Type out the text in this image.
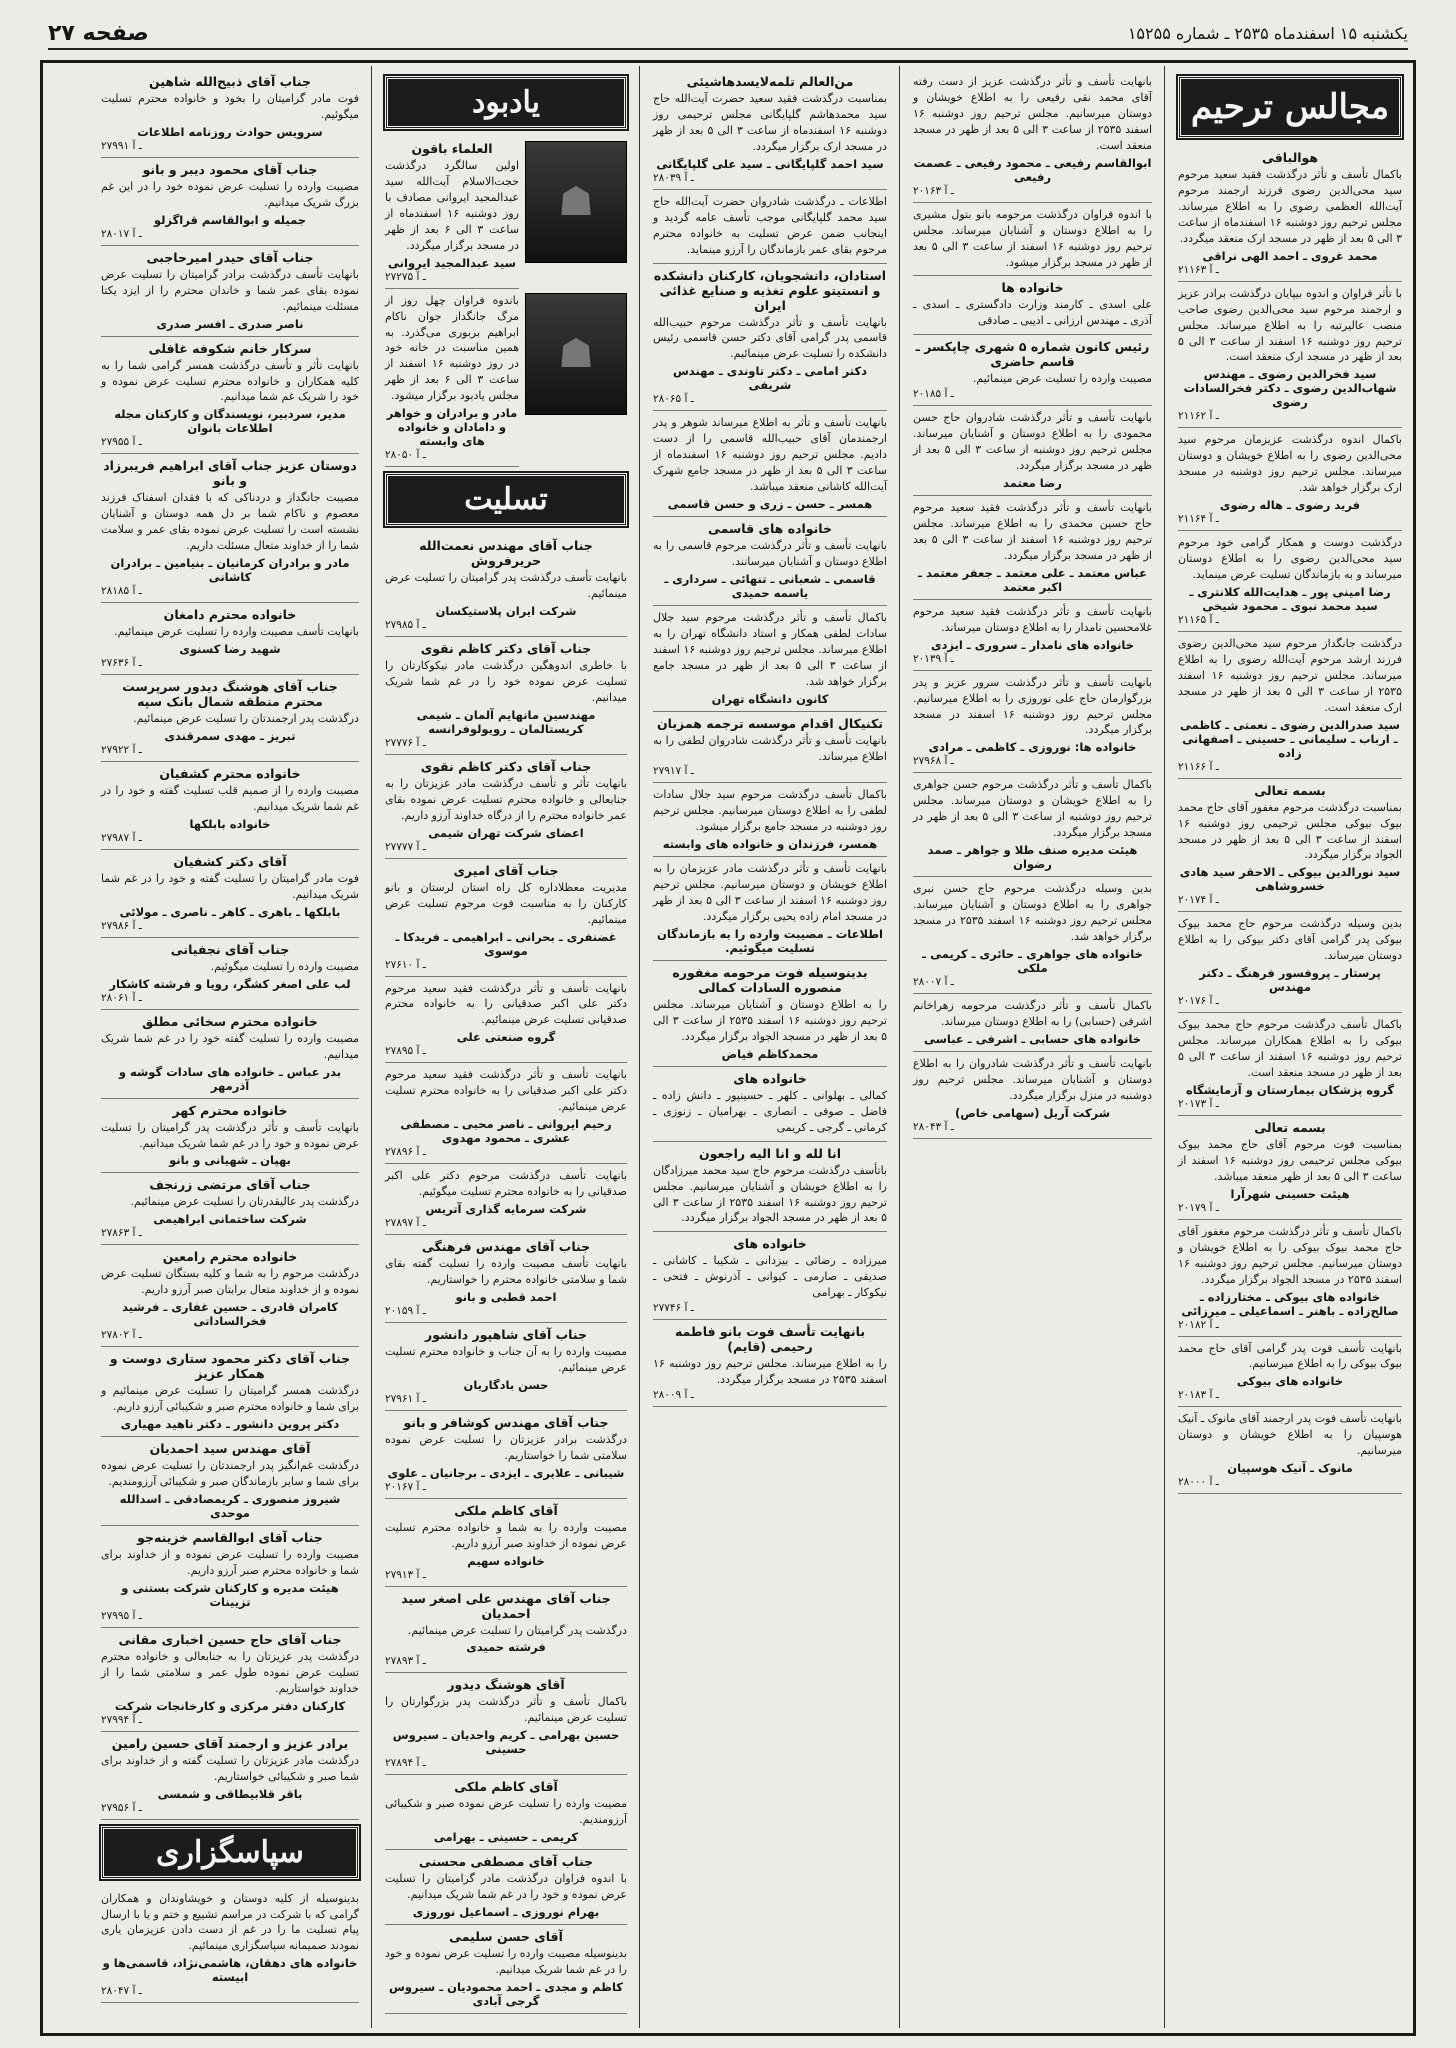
یکشنبه ۱۵ اسفندماه ۲۵۳۵ ـ شماره ۱۵۲۵۵
صفحه ۲۷
مجالس ترحیم
هوالباقی

باکمال تأسف و تأثر درگذشت فقید سعید مرحوم سید محی‌الدین رضوی فرزند ارجمند مرحوم آیت‌الله العظمی رضوی را به اطلاع میرساند. مجلس ترحیم روز دوشنبه ۱۶ اسفندماه از ساعت ۳ الی ۵ بعد از ظهر در مسجد ارک منعقد میگردد.

محمد غروی ـ احمد الهی نراقی
۲۱۱۶۳ ـ آ

با تأثر فراوان و اندوه بیپایان درگذشت برادر عزیز و ارجمند مرحوم سید محی‌الدین رضوی صاحب منصب عالیرتبه را به اطلاع میرساند. مجلس ترحیم روز دوشنبه ۱۶ اسفند از ساعت ۳ الی ۵ بعد از ظهر در مسجد ارک منعقد است.

سید فخرالدین رضوی ـ مهندس شهاب‌الدین رضوی ـ دکتر فخرالسادات رضوی
۲۱۱۶۲ ـ آ

باکمال اندوه درگذشت عزیزمان مرحوم سید محی‌الدین رضوی را به اطلاع خویشان و دوستان میرساند. مجلس ترحیم روز دوشنبه در مسجد ارک برگزار خواهد شد.

فرید رضوی ـ هاله رضوی
۲۱۱۶۴ ـ آ

درگذشت دوست و همکار گرامی خود مرحوم سید محی‌الدین رضوی را به اطلاع دوستان میرساند و به بازماندگان تسلیت عرض مینماید.

رضا امینی پور ـ هدایت‌الله کلانتری ـ سید محمد نبوی ـ محمود شیخی
۲۱۱۶۵ ـ آ

درگذشت جانگداز مرحوم سید محی‌الدین رضوی فرزند ارشد مرحوم آیت‌الله رضوی را به اطلاع میرساند. مجلس ترحیم روز دوشنبه ۱۶ اسفند ۲۵۳۵ از ساعت ۳ الی ۵ بعد از ظهر در مسجد ارک منعقد است.

سید صدرالدین رضوی ـ نعمتی ـ کاظمی ـ ارباب ـ سلیمانی ـ حسینی ـ اصفهانی زاده
۲۱۱۶۶ ـ آ
بسمه تعالی

بمناسبت درگذشت مرحوم مغفور آقای حاج محمد بیوک بیوکی مجلس ترحیمی روز دوشنبه ۱۶ اسفند از ساعت ۳ الی ۵ بعد از ظهر در مسجد الجواد برگزار میگردد.

سید نورالدین بیوکی ـ الاحقر سید هادی خسروشاهی
۲۰۱۷۴ ـ آ

بدین وسیله درگذشت مرحوم حاج محمد بیوک بیوکی پدر گرامی آقای دکتر بیوکی را به اطلاع دوستان میرساند.

پرستار ـ پروفسور فرهنگ ـ دکتر مهندس
۲۰۱۷۶ ـ آ

باکمال تأسف درگذشت مرحوم حاج محمد بیوک بیوکی را به اطلاع همکاران میرساند. مجلس ترحیم روز دوشنبه ۱۶ اسفند از ساعت ۳ الی ۵ بعد از ظهر در مسجد منعقد است.

گروه پزشکان بیمارستان و آزمایشگاه
۲۰۱۷۳ ـ آ
بسمه تعالی

بمناسبت فوت مرحوم آقای حاج محمد بیوک بیوکی مجلس ترحیمی روز دوشنبه ۱۶ اسفند از ساعت ۳ الی ۵ بعد از ظهر منعقد میباشد.

هیئت حسینی شهرآرا
۲۰۱۷۹ ـ آ

باکمال تأسف و تأثر درگذشت مرحوم مغفور آقای حاج محمد بیوک بیوکی را به اطلاع خویشان و دوستان میرسانیم. مجلس ترحیم روز دوشنبه ۱۶ اسفند ۲۵۳۵ در مسجد الجواد برگزار میگردد.

خانواده های بیوکی ـ مختارزاده ـ صالح‌زاده ـ باهنر ـ اسماعیلی ـ میرزائی
۲۰۱۸۲ ـ آ

بانهایت تأسف فوت پدر گرامی آقای حاج محمد بیوک بیوکی را به اطلاع میرسانیم.

خانواده های بیوکی
۲۰۱۸۳ ـ آ

بانهایت تأسف فوت پدر ارجمند آقای مانوک ـ آنیک هوسپیان را به اطلاع خویشان و دوستان میرسانیم.

مانوک ـ آنیک هوسپیان
۲۸۰۰۰ ـ آ

بانهایت تأسف و تأثر درگذشت عزیز از دست رفته آقای محمد نقی رفیعی را به اطلاع خویشان و دوستان میرسانیم. مجلس ترحیم روز دوشنبه ۱۶ اسفند ۲۵۳۵ از ساعت ۳ الی ۵ بعد از ظهر در مسجد منعقد است.

ابوالقاسم رفیعی ـ محمود رفیعی ـ عصمت رفیعی
۲۰۱۶۳ ـ آ

با اندوه فراوان درگذشت مرحومه بانو بتول مشیری را به اطلاع دوستان و آشنایان میرساند. مجلس ترحیم روز دوشنبه ۱۶ اسفند از ساعت ۳ الی ۵ بعد از ظهر در مسجد برگزار میشود.

خانواده ها

علی اسدی ـ کارمند وزارت دادگستری ـ اسدی ـ آذری ـ مهندس ارزانی ـ ادیبی ـ صادقی

رئیس کانون شماره ۵ شهری چاپکسر ـ قاسم حاضری

مصیبت وارده را تسلیت عرض مینمائیم.

۲۰۱۸۵ ـ آ

بانهایت تأسف و تأثر درگذشت شادروان حاج حسن محمودی را به اطلاع دوستان و آشنایان میرساند. مجلس ترحیم روز دوشنبه از ساعت ۳ الی ۵ بعد از ظهر در مسجد برگزار میگردد.

رضا معتمد

بانهایت تأسف و تأثر درگذشت فقید سعید مرحوم حاج حسین محمدی را به اطلاع میرساند. مجلس ترحیم روز دوشنبه ۱۶ اسفند از ساعت ۳ الی ۵ بعد از ظهر در مسجد برگزار میگردد.

عباس معتمد ـ علی معتمد ـ جعفر معتمد ـ اکبر معتمد

بانهایت تأسف و تأثر درگذشت فقید سعید مرحوم غلامحسین نامدار را به اطلاع دوستان میرساند.

خانواده های نامدار ـ سروری ـ ایزدی
۲۰۱۳۹ ـ آ

بانهایت تأسف و تأثر درگذشت سرور عزیز و پدر بزرگوارمان حاج علی نوروزی را به اطلاع میرسانیم. مجلس ترحیم روز دوشنبه ۱۶ اسفند در مسجد برگزار میگردد.

خانواده ها: نوروزی ـ کاظمی ـ مرادی
۲۷۹۶۸ ـ آ

باکمال تأسف و تأثر درگذشت مرحوم حسن جواهری را به اطلاع خویشان و دوستان میرساند. مجلس ترحیم روز دوشنبه از ساعت ۳ الی ۵ بعد از ظهر در مسجد برگزار میگردد.

هیئت مدیره صنف طلا و جواهر ـ صمد رضوان

بدین وسیله درگذشت مرحوم حاج حسن نبری جواهری را به اطلاع دوستان و آشنایان میرساند. مجلس ترحیم روز دوشنبه ۱۶ اسفند ۲۵۳۵ در مسجد برگزار خواهد شد.

خانواده های جواهری ـ حائری ـ کریمی ـ ملکی
۲۸۰۰۷ ـ آ

باکمال تأسف و تأثر درگذشت مرحومه زهراخانم اشرفی (حسابی) را به اطلاع دوستان میرساند.

خانواده های حسابی ـ اشرفی ـ عباسی

بانهایت تأسف و تأثر درگذشت شادروان را به اطلاع دوستان و آشنایان میرساند. مجلس ترحیم روز دوشنبه در منزل برگزار میگردد.

شرکت آریل (سهامی خاص)
۲۸۰۴۳ ـ آ
من‌العالم تلمه‌لایسدهاشیئی

بمناسبت درگذشت فقید سعید حضرت آیت‌الله حاج سید محمدهاشم گلپایگانی مجلس ترحیمی روز دوشنبه ۱۶ اسفندماه از ساعت ۳ الی ۵ بعد از ظهر در مسجد ارک برگزار میگردد.

سید احمد گلپایگانی ـ سید علی گلپایگانی
۲۸۰۳۹ ـ آ

اطلاعات ـ درگذشت شادروان حضرت آیت‌الله حاج سید محمد گلپایگانی موجب تأسف عامه گردید و اینجانب ضمن عرض تسلیت به خانواده محترم مرحوم بقای عمر بازماندگان را آرزو مینماید.

استادان، دانشجویان، کارکنان دانشکده و انستیتو علوم تغذیه و صنایع غذائی ایران

بانهایت تأسف و تأثر درگذشت مرحوم حبیب‌الله قاسمی پدر گرامی آقای دکتر حسن قاسمی رئیس دانشکده را تسلیت عرض مینمائیم.

دکتر امامی ـ دکتر تاوندی ـ مهندس شریفی
۲۸۰۶۵ ـ آ

بانهایت تأسف و تأثر به اطلاع میرساند شوهر و پدر ارجمندمان آقای حبیب‌الله قاسمی را از دست دادیم. مجلس ترحیم روز دوشنبه ۱۶ اسفندماه از ساعت ۳ الی ۵ بعد از ظهر در مسجد جامع شهرک آیت‌الله کاشانی منعقد میباشد.

همسر ـ حسن ـ زری و حسن قاسمی
خانواده های قاسمی

بانهایت تأسف و تأثر درگذشت مرحوم قاسمی را به اطلاع دوستان و آشنایان میرسانند.

قاسمی ـ شعبانی ـ تنهائی ـ سرداری ـ یاسمه حمیدی

باکمال تأسف و تأثر درگذشت مرحوم سید جلال سادات لطفی همکار و استاد دانشگاه تهران را به اطلاع میرساند. مجلس ترحیم روز دوشنبه ۱۶ اسفند از ساعت ۳ الی ۵ بعد از ظهر در مسجد جامع برگزار خواهد شد.

کانون دانشگاه تهران
تکنیکال اقدام موسسه ترجمه همزبان

بانهایت تأسف و تأثر درگذشت شادروان لطفی را به اطلاع میرساند.

۲۷۹۱۷ ـ آ

باکمال تأسف درگذشت مرحوم سید جلال سادات لطفی را به اطلاع دوستان میرسانیم. مجلس ترحیم روز دوشنبه در مسجد جامع برگزار میشود.

همسر، فرزندان و خانواده های وابسته

بانهایت تأسف و تأثر درگذشت مادر عزیزمان را به اطلاع خویشان و دوستان میرسانیم. مجلس ترحیم روز دوشنبه ۱۶ اسفند از ساعت ۳ الی ۵ بعد از ظهر در مسجد امام زاده یحیی برگزار میگردد.

اطلاعات ـ مصیبت وارده را به بازماندگان تسلیت میگوئیم.
بدینوسیله فوت مرحومه مغفوره منصوره السادات کمالی

را به اطلاع دوستان و آشنایان میرساند. مجلس ترحیم روز دوشنبه ۱۶ اسفند ۲۵۳۵ از ساعت ۳ الی ۵ بعد از ظهر در مسجد الجواد برگزار میگردد.

محمدکاظم فیاض
خانواده های

کمالی ـ بهلوانی ـ کلهر ـ حسینپور ـ دانش زاده ـ فاضل ـ صوفی ـ انصاری ـ بهرامیان ـ زنوزی ـ کرمانی ـ گرجی ـ کریمی

انا لله و انا الیه راجعون

باتأسف درگذشت مرحوم حاج سید محمد میرزادگان را به اطلاع خویشان و آشنایان میرسانیم. مجلس ترحیم روز دوشنبه ۱۶ اسفند ۲۵۳۵ از ساعت ۳ الی ۵ بعد از ظهر در مسجد الجواد برگزار میگردد.

خانواده های

میرزاده ـ رضائی ـ بیزدانی ـ شکیبا ـ کاشانی ـ صدیقی ـ صارمی ـ کیوانی ـ آذرنوش ـ فتحی ـ نیکوکار ـ بهرامی

۲۷۷۴۶ ـ آ
بانهایت تأسف فوت بانو فاطمه رحیمی (قایم)

را به اطلاع میرساند. مجلس ترحیم روز دوشنبه ۱۶ اسفند ۲۵۳۵ در مسجد برگزار میگردد.

۲۸۰۰۹ ـ آ
یادبود
☗
العلماء باقون

اولین سالگرد درگذشت حجت‌الاسلام آیت‌الله سید عبدالمجید ایروانی مصادف با روز دوشنبه ۱۶ اسفندماه از ساعت ۳ الی ۶ بعد از ظهر در مسجد برگزار میگردد.

سید عبدالمجید ایروانی
۲۷۲۷۵ ـ آ
☗

باندوه فراوان چهل روز از مرگ جانگداز جوان ناکام ابراهیم بربوری می‌گذرد. به همین مناسبت در خانه خود در روز دوشنبه ۱۶ اسفند از ساعت ۳ الی ۶ بعد از ظهر مجلس یادبود برگزار میشود.

مادر و برادران و خواهر و دامادان و خانواده های وابسته
۲۸۰۵۰ ـ آ
تسلیت
جناب آقای مهندس نعمت‌الله حریرفروش

بانهایت تأسف درگذشت پدر گرامیتان را تسلیت عرض مینمائیم.

شرکت ایران پلاستیکسان
۲۷۹۸۵ ـ آ
جناب آقای دکتر کاظم نقوی

با خاطری اندوهگین درگذشت مادر نیکوکارتان را تسلیت عرض نموده خود را در غم شما شریک میدانیم.

مهندسین مانهایم آلمان ـ شیمی کریستالمان ـ رویولوفرانسه
۲۷۷۷۶ ـ آ
جناب آقای دکتر کاظم نقوی

بانهایت تأثر و تأسف درگذشت مادر عزیزتان را به جنابعالی و خانواده محترم تسلیت عرض نموده بقای عمر خانواده محترم را از درگاه خداوند آرزو داریم.

اعضای شرکت تهران شیمی
۲۷۷۷۷ ـ آ
جناب آقای امیری

مدیریت معظلاداره کل راه استان لرستان و بانو کارکنان را به مناسبت فوت مرحوم تسلیت عرض مینمائیم.

غضنفری ـ بحرانی ـ ابراهیمی ـ فریدکا ـ موسوی
۲۷۶۱۰ ـ آ

بانهایت تأسف و تأثر درگذشت فقید سعید مرحوم دکتر علی اکبر صدقیانی را به خانواده محترم صدقیانی تسلیت عرض مینمائیم.

گروه صنعتی علی
۲۷۸۹۵ ـ آ

بانهایت تأسف و تأثر درگذشت فقید سعید مرحوم دکتر علی اکبر صدقیانی را به خانواده محترم تسلیت عرض مینمائیم.

رحیم ایروانی ـ ناصر محبی ـ مصطفی عشری ـ محمود مهدوی
۲۷۸۹۶ ـ آ

بانهایت تأسف درگذشت مرحوم دکتر علی اکبر صدقیانی را به خانواده محترم تسلیت میگوئیم.

شرکت سرمایه گذاری آتریس
۲۷۸۹۷ ـ آ
جناب آقای مهندس فرهنگی

بانهایت تأسف مصیبت وارده را تسلیت گفته بقای شما و سلامتی خانواده محترم را خواستاریم.

احمد قطبی و بانو
۲۰۱۵۹ ـ آ
جناب آقای شاهپور دانشور

مصیبت وارده را به آن جناب و خانواده محترم تسلیت عرض مینمائیم.

حسن بادگاریان
۲۷۹۶۱ ـ آ
جناب آقای مهندس کوشافر و بانو

درگذشت برادر عزیزتان را تسلیت عرض نموده سلامتی شما را خواستاریم.

شیبانی ـ علایری ـ ایزدی ـ برجانیان ـ علوی
۲۰۱۶۷ ـ آ
آقای کاظم ملکی

مصیبت وارده را به شما و خانواده محترم تسلیت عرض نموده از خداوند صبر آرزو داریم.

خانواده سهیم
۲۷۹۱۳ ـ آ
جناب آقای مهندس علی اصغر سید احمدیان

درگذشت پدر گرامیتان را تسلیت عرض مینمائیم.

فرشته حمیدی
۲۷۸۹۳ ـ آ
آقای هوشنگ دیدور

باکمال تأسف و تأثر درگذشت پدر بزرگوارتان را تسلیت عرض مینمائیم.

حسین بهرامی ـ کریم واحدیان ـ سیروس حسینی
۲۷۸۹۴ ـ آ
آقای کاظم ملکی

مصیبت وارده را تسلیت عرض نموده صبر و شکیبائی آرزومندیم.

کریمی ـ حسینی ـ بهرامی
جناب آقای مصطفی محسنی

با اندوه فراوان درگذشت مادر گرامیتان را تسلیت عرض نموده و خود را در غم شما شریک میدانیم.

بهرام نوروزی ـ اسماعیل نوروزی
آقای حسن سلیمی

بدینوسیله مصیبت وارده را تسلیت عرض نموده و خود را در غم شما شریک میدانیم.

کاظم و مجدی ـ احمد محمودیان ـ سیروس گرجی آبادی
جناب آقای ذبیح‌الله شاهین

فوت مادر گرامیتان را بخود و خانواده محترم تسلیت میگوئیم.

سرویس حوادث روزنامه اطلاعات
۲۷۹۹۱ ـ آ
جناب آقای محمود دیبر و بانو

مصیبت وارده را تسلیت عرض نموده خود را در این غم بزرگ شریک میدانیم.

جمیله و ابوالقاسم قراگزلو
۲۸۰۱۷ ـ آ
جناب آقای حیدر امیرحاجبی

بانهایت تأسف درگذشت برادر گرامیتان را تسلیت عرض نموده بقای عمر شما و خاندان محترم را از ایزد یکتا مسئلت مینمائیم.

ناصر صدری ـ افسر صدری
سرکار خانم شکوفه غافلی

بانهایت تأثر و تأسف درگذشت همسر گرامی شما را به کلیه همکاران و خانواده محترم تسلیت عرض نموده و خود را شریک غم شما میدانیم.

مدیر، سردبیر، نویسندگان و کارکنان مجله اطلاعات بانوان
۲۷۹۵۵ ـ آ
دوستان عزیز جناب آقای ابراهیم فریبرزاد و بانو

مصیبت جانگداز و دردناکی که با فقدان اسفناک فرزند معصوم و ناکام شما بر دل همه دوستان و آشنایان نشسته است را تسلیت عرض نموده بقای عمر و سلامت شما را از خداوند متعال مسئلت داریم.

مادر و برادران کرمانیان ـ بنیامین ـ برادران کاشانی
۲۸۱۸۵ ـ آ
خانواده محترم دامغان

بانهایت تأسف مصیبت وارده را تسلیت عرض مینمائیم.

شهید رضا کسنوی
۲۷۶۳۶ ـ آ
جناب آقای هوشنگ دیدور سرپرست محترم منطقه شمال بانک سپه

درگذشت پدر ارجمندتان را تسلیت عرض مینمائیم.

تبریز ـ مهدی سمرقندی
۲۷۹۲۲ ـ آ
خانواده محترم کشفیان

مصیبت وارده را از صمیم قلب تسلیت گفته و خود را در غم شما شریک میدانیم.

خانواده بابلکها
۲۷۹۸۷ ـ آ
آقای دکتر کشفیان

فوت مادر گرامیتان را تسلیت گفته و خود را در غم شما شریک میدانیم.

بابلکها ـ باهری ـ کاهر ـ ناصری ـ مولائی
۲۷۹۸۶ ـ آ
جناب آقای نجفیانی

مصیبت وارده را تسلیت میگوئیم.

لب علی اصغر کشگر، رویا و فرشته کاشکار
۲۸۰۶۱ ـ آ
خانواده محترم سخائی مطلق

مصیبت وارده را تسلیت گفته خود را در غم شما شریک میدانیم.

بدر عباس ـ خانواده های سادات گوشه و آذرمهر
خانواده محترم کهر

بانهایت تأسف و تأثر درگذشت پدر گرامیتان را تسلیت عرض نموده و خود را در غم شما شریک میدانیم.

بهپان ـ شهیانی و بانو
جناب آقای مرتضی زرنجف

درگذشت پدر عالیقدرتان را تسلیت عرض مینمائیم.

شرکت ساختمانی ابراهیمی
۲۷۸۶۳ ـ آ
خانواده محترم رامعین

درگذشت مرحوم را به شما و کلیه بستگان تسلیت عرض نموده و از خداوند متعال برایتان صبر آرزو داریم.

کامران قادری ـ حسین غفاری ـ فرشید فخرالساداتی
۲۷۸۰۲ ـ آ
جناب آقای دکتر محمود ستاری دوست و همکار عزیز

درگذشت همسر گرامیتان را تسلیت عرض مینمائیم و برای شما و خانواده محترم صبر و شکیبائی آرزو داریم.

دکتر پروین دانشور ـ دکتر ناهید مهیاری
آقای مهندس سید احمدیان

درگذشت غم‌انگیز پدر ارجمندتان را تسلیت عرض نموده برای شما و سایر بازماندگان صبر و شکیبائی آرزومندیم.

شیروز منصوری ـ کریمصادقی ـ اسدالله موحدی
جناب آقای ابوالقاسم خزینه‌جو

مصیبت وارده را تسلیت عرض نموده و از خداوند برای شما و خانواده محترم صبر آرزو داریم.

هیئت مدیره و کارکنان شرکت بستنی و تزیینات
۲۷۹۹۵ ـ آ
جناب آقای حاج حسین اخباری مقانی

درگذشت پدر عزیزتان را به جنابعالی و خانواده محترم تسلیت عرض نموده طول عمر و سلامتی شما را از خداوند خواستاریم.

کارکنان دفتر مرکزی و کارخانجات شرکت
۲۷۹۹۴ ـ آ
برادر عزیز و ارجمند آقای حسین رامین

درگذشت مادر عزیزتان را تسلیت گفته و از خداوند برای شما صبر و شکیبائی خواستاریم.

باقر قلابیطاقی و شمسی
۲۷۹۵۶ ـ آ
سپاسگزاری

بدینوسیله از کلیه دوستان و خویشاوندان و همکاران گرامی که با شرکت در مراسم تشییع و ختم و یا با ارسال پیام تسلیت ما را در غم از دست دادن عزیزمان یاری نمودند صمیمانه سپاسگزاری مینمائیم.

خانواده های دهقان، هاشمی‌نژاد، قاسمی‌ها و ابیسته
۲۸۰۴۷ ـ آ
